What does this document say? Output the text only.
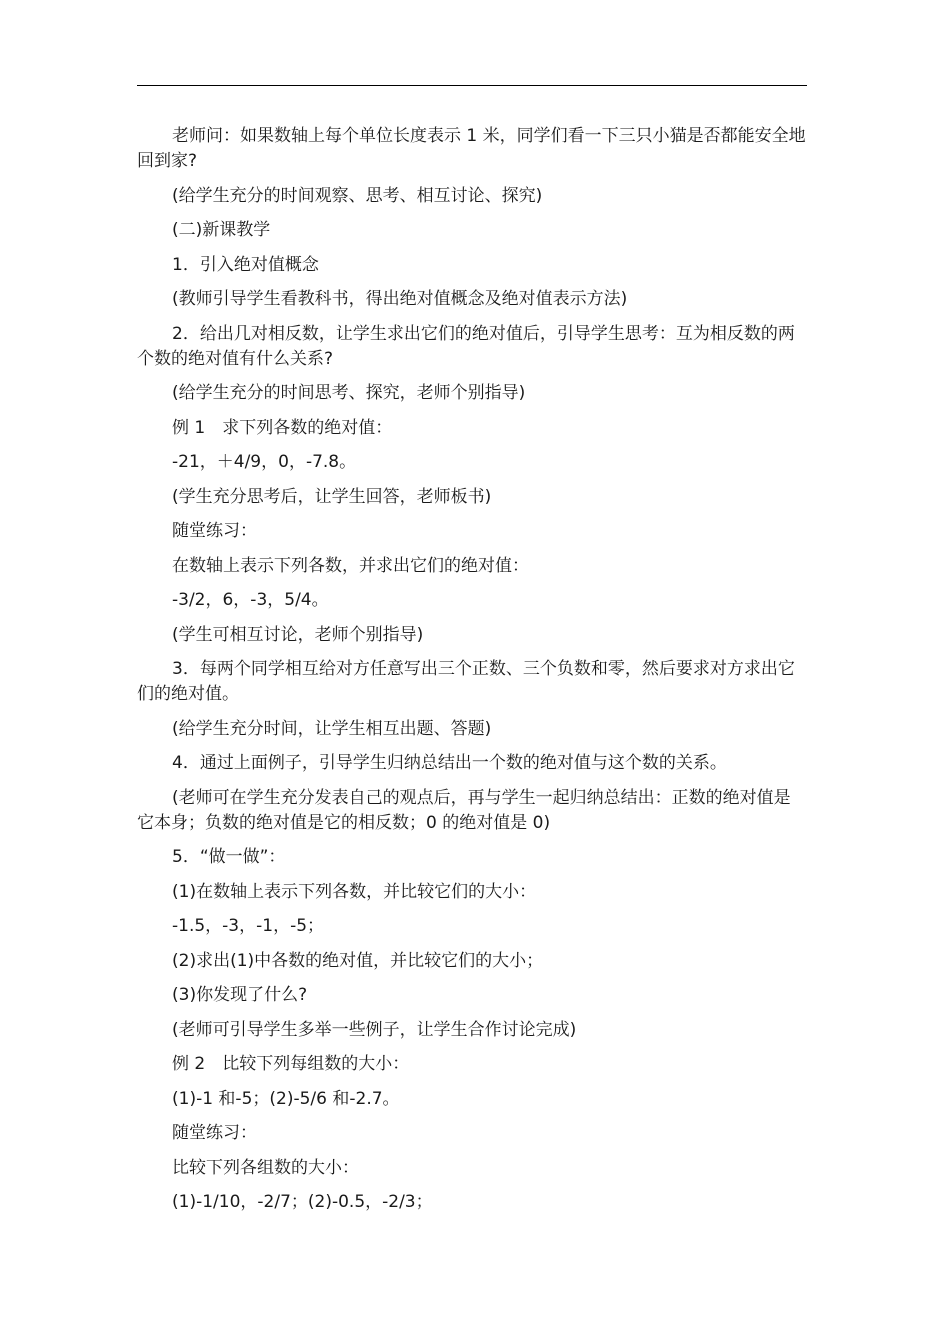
老师问：如果数轴上每个单位长度表示 1 米，同学们看一下三只小猫是否都能安全地回到家?

(给学生充分的时间观察、思考、相互讨论、探究)

(二)新课教学

1．引入绝对值概念

(教师引导学生看教科书，得出绝对值概念及绝对值表示方法)

2．给出几对相反数，让学生求出它们的绝对值后，引导学生思考：互为相反数的两个数的绝对值有什么关系?

(给学生充分的时间思考、探究，老师个别指导)

例 1　求下列各数的绝对值：

-21，＋4/9，0，-7.8。

(学生充分思考后，让学生回答，老师板书)

随堂练习：

在数轴上表示下列各数，并求出它们的绝对值：

-3/2，6，-3，5/4。

(学生可相互讨论，老师个别指导)

3．每两个同学相互给对方任意写出三个正数、三个负数和零，然后要求对方求出它们的绝对值。

(给学生充分时间，让学生相互出题、答题)

4．通过上面例子，引导学生归纳总结出一个数的绝对值与这个数的关系。

(老师可在学生充分发表自己的观点后，再与学生一起归纳总结出：正数的绝对值是它本身；负数的绝对值是它的相反数；0 的绝对值是 0)

5．“做一做”：

(1)在数轴上表示下列各数，并比较它们的大小：

-1.5，-3，-1，-5；

(2)求出(1)中各数的绝对值，并比较它们的大小；

(3)你发现了什么?

(老师可引导学生多举一些例子，让学生合作讨论完成)

例 2　比较下列每组数的大小：

(1)-1 和-5；(2)-5/6 和-2.7。

随堂练习：

比较下列各组数的大小：

(1)-1/10，-2/7；(2)-0.5，-2/3；
